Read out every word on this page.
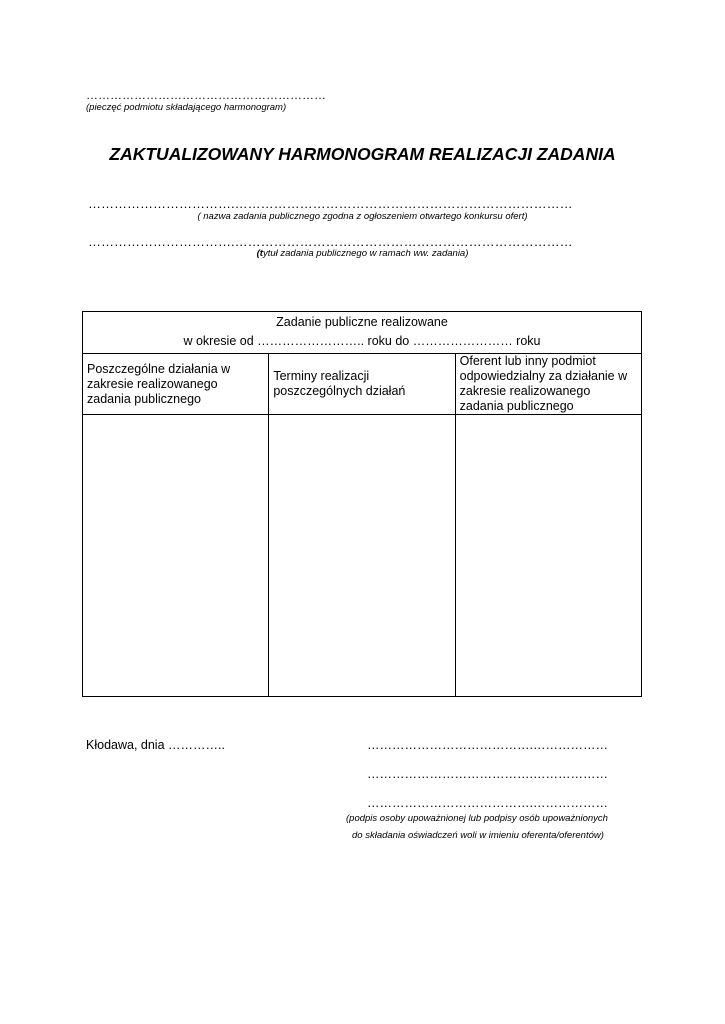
……………………………………………………
(pieczęć podmiotu składającego harmonogram)
ZAKTUALIZOWANY HARMONOGRAM REALIZACJI ZADANIA
…………………………….……………………………………………………………………
( nazwa zadania publicznego zgodna z ogłoszeniem otwartego konkursu ofert)
…………………………….……………………………………………………………………
(tytuł zadania publicznego w ramach ww. zadania)
Zadanie publiczne realizowane
w okresie od …………………….. roku do …………………… roku		

Poszczególne działania w zakresie realizowanego zadania publicznego	Terminy realizacji poszczególnych działań	Oferent lub inny podmiot odpowiedzialny za działanie w zakresie realizowanego zadania publicznego

Kłodawa, dnia …………..	………………………………….………………
………………………………….………………
………………………………….………………
(podpis osoby upoważnionej lub podpisy osób upoważnionych
do składania oświadczeń woli w imieniu oferenta/oferentów)
